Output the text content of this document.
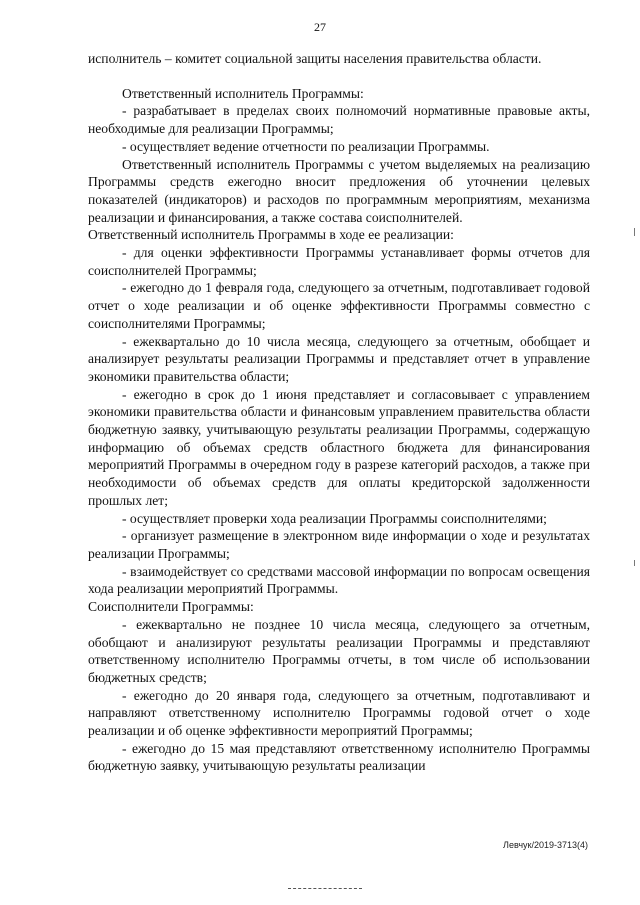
27

исполнитель – комитет социальной защиты населения правительства области.

Ответственный исполнитель Программы:

- разрабатывает в пределах своих полномочий нормативные правовые акты, необходимые для реализации Программы;

- осуществляет ведение отчетности по реализации Программы.

Ответственный исполнитель Программы с учетом выделяемых на реализацию Программы средств ежегодно вносит предложения об уточнении целевых показателей (индикаторов) и расходов по программным мероприятиям, механизма реализации и финансирования, а также состава соисполнителей.

Ответственный исполнитель Программы в ходе ее реализации:

- для оценки эффективности Программы устанавливает формы отчетов для соисполнителей Программы;

- ежегодно до 1 февраля года, следующего за отчетным, подготавливает годовой отчет о ходе реализации и об оценке эффективности Программы совместно с соисполнителями Программы;

- ежеквартально до 10 числа месяца, следующего за отчетным, обобщает и анализирует результаты реализации Программы и представляет отчет в управление экономики правительства области;

- ежегодно в срок до 1 июня представляет и согласовывает с управлением экономики правительства области и финансовым управлением правительства области бюджетную заявку, учитывающую результаты реализации Программы, содержащую информацию об объемах средств областного бюджета для финансирования мероприятий Программы в очередном году в разрезе категорий расходов, а также при необходимости об объемах средств для оплаты кредиторской задолженности прошлых лет;

- осуществляет проверки хода реализации Программы соисполнителями;

- организует размещение в электронном виде информации о ходе и результатах реализации Программы;

- взаимодействует со средствами массовой информации по вопросам освещения хода реализации мероприятий Программы.

Соисполнители Программы:

- ежеквартально не позднее 10 числа месяца, следующего за отчетным, обобщают и анализируют результаты реализации Программы и представляют ответственному исполнителю Программы отчеты, в том числе об использовании бюджетных средств;

- ежегодно до 20 января года, следующего за отчетным, подготавливают и направляют ответственному исполнителю Программы годовой отчет о ходе реализации и об оценке эффективности мероприятий Программы;

- ежегодно до 15 мая представляют ответственному исполнителю Программы бюджетную заявку, учитывающую результаты реализации

Левчук/2019-3713(4)
